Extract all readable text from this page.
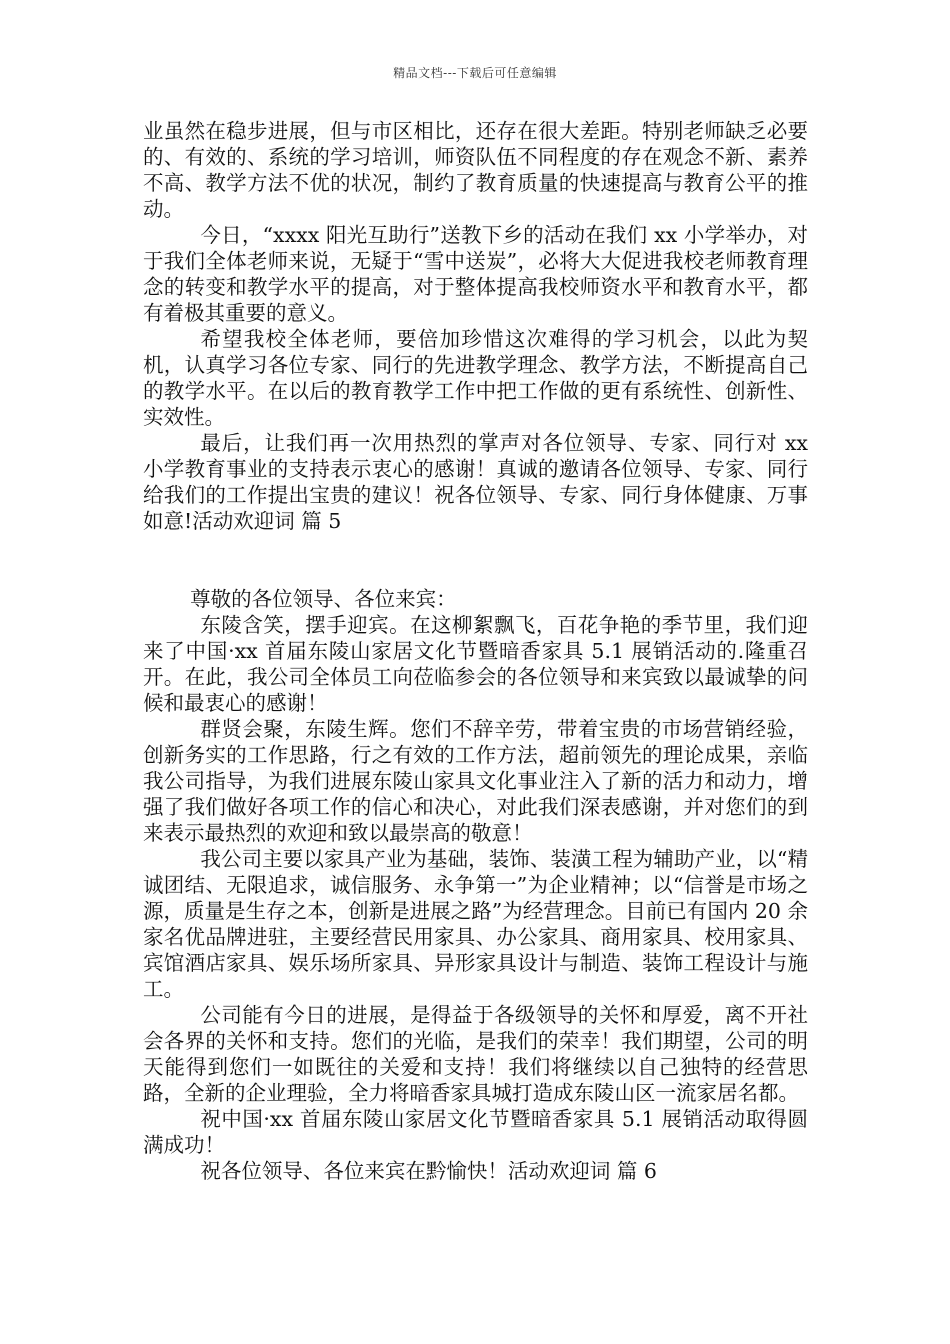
精品文档---下载后可任意编辑

业虽然在稳步进展，但与市区相比，还存在很大差距。特别老师缺乏必要的、有效的、系统的学习培训，师资队伍不同程度的存在观念不新、素养不高、教学方法不优的状况，制约了教育质量的快速提高与教育公平的推动。

今日，“xxxx 阳光互助行”送教下乡的活动在我们 xx 小学举办，对于我们全体老师来说，无疑于“雪中送炭”，必将大大促进我校老师教育理念的转变和教学水平的提高，对于整体提高我校师资水平和教育水平，都有着极其重要的意义。

希望我校全体老师，要倍加珍惜这次难得的学习机会，以此为契机，认真学习各位专家、同行的先进教学理念、教学方法，不断提高自己的教学水平。在以后的教育教学工作中把工作做的更有系统性、创新性、实效性。

最后，让我们再一次用热烈的掌声对各位领导、专家、同行对 xx 小学教育事业的支持表示衷心的感谢！真诚的邀请各位领导、专家、同行给我们的工作提出宝贵的建议！祝各位领导、专家、同行身体健康、万事如意!活动欢迎词 篇 5

尊敬的各位领导、各位来宾：

东陵含笑，摆手迎宾。在这柳絮飘飞，百花争艳的季节里，我们迎来了中国·xx 首届东陵山家居文化节暨暗香家具 5.1 展销活动的.隆重召开。在此，我公司全体员工向莅临参会的各位领导和来宾致以最诚挚的问候和最衷心的感谢！

群贤会聚，东陵生辉。您们不辞辛劳，带着宝贵的市场营销经验，创新务实的工作思路，行之有效的工作方法，超前领先的理论成果，亲临我公司指导，为我们进展东陵山家具文化事业注入了新的活力和动力，增强了我们做好各项工作的信心和决心，对此我们深表感谢，并对您们的到来表示最热烈的欢迎和致以最崇高的敬意！

我公司主要以家具产业为基础，装饰、装潢工程为辅助产业，以“精诚团结、无限追求，诚信服务、永争第一”为企业精神；以“信誉是市场之源，质量是生存之本，创新是进展之路”为经营理念。目前已有国内 20 余家名优品牌进驻，主要经营民用家具、办公家具、商用家具、校用家具、宾馆酒店家具、娱乐场所家具、异形家具设计与制造、装饰工程设计与施工。

公司能有今日的进展，是得益于各级领导的关怀和厚爱，离不开社会各界的关怀和支持。您们的光临，是我们的荣幸！我们期望，公司的明天能得到您们一如既往的关爱和支持！我们将继续以自己独特的经营思路，全新的企业理验，全力将暗香家具城打造成东陵山区一流家居名都。

祝中国·xx 首届东陵山家居文化节暨暗香家具 5.1 展销活动取得圆满成功！

祝各位领导、各位来宾在黔愉快！活动欢迎词 篇 6
